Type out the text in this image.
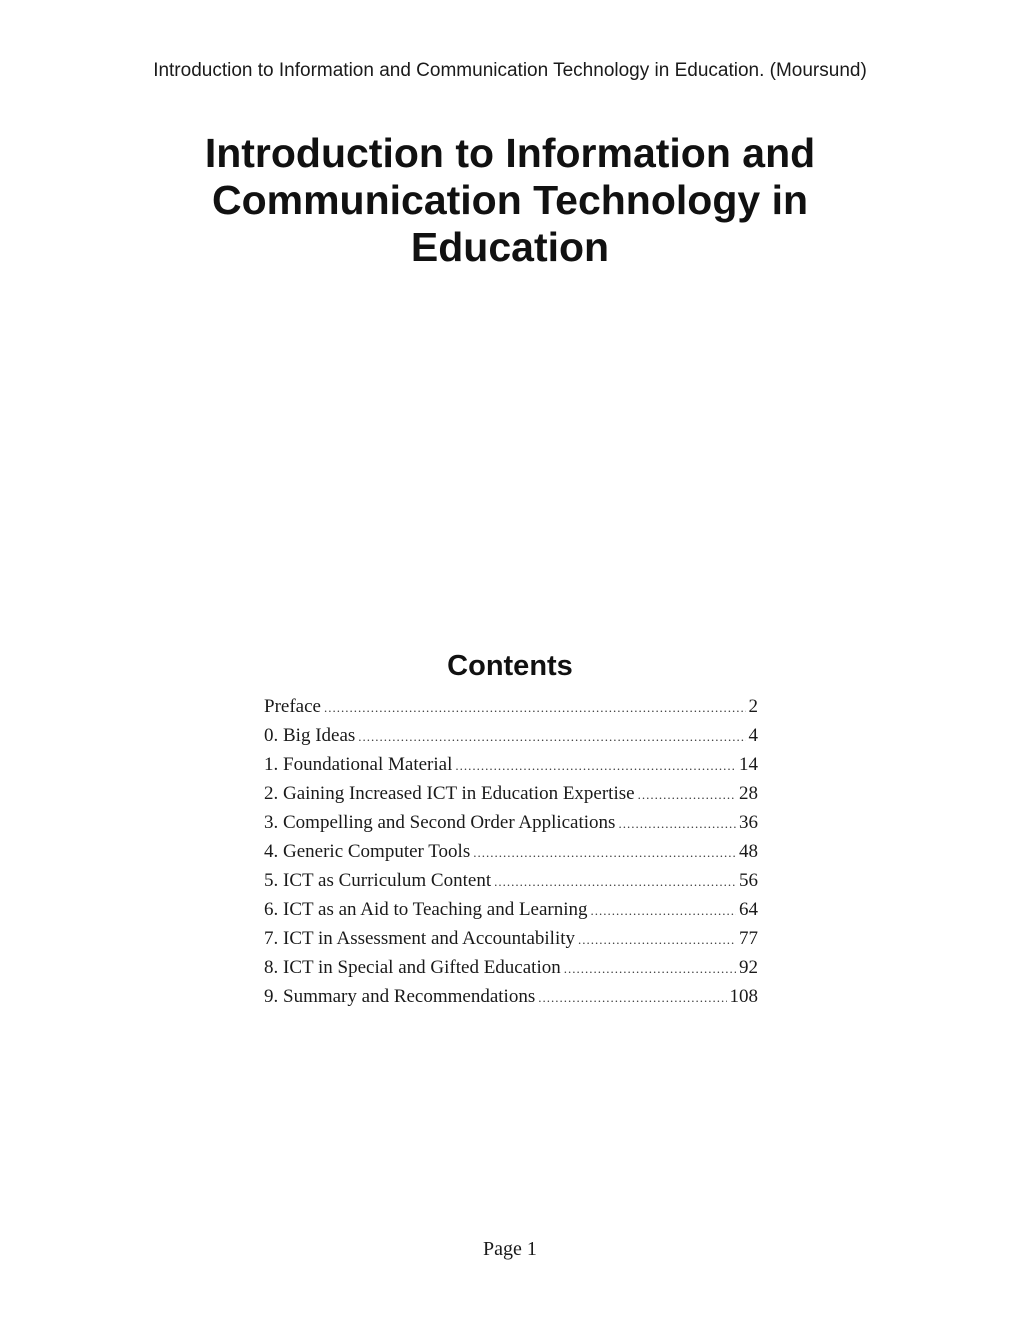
Introduction to Information and Communication Technology in Education. (Moursund)
Introduction to Information and
Communication Technology in
Education
Contents
Preface .....	2
0. Big Ideas .....	4
1. Foundational Material .....	14
2. Gaining Increased ICT in Education Expertise .....	28
3. Compelling and Second Order Applications .....	36
4. Generic Computer Tools .....	48
5. ICT as Curriculum Content .....	56
6. ICT as an Aid to Teaching and Learning .....	64
7. ICT in Assessment and Accountability .....	77
8. ICT in Special and Gifted Education .....	92
9. Summary and Recommendations .....	108
Page 1
